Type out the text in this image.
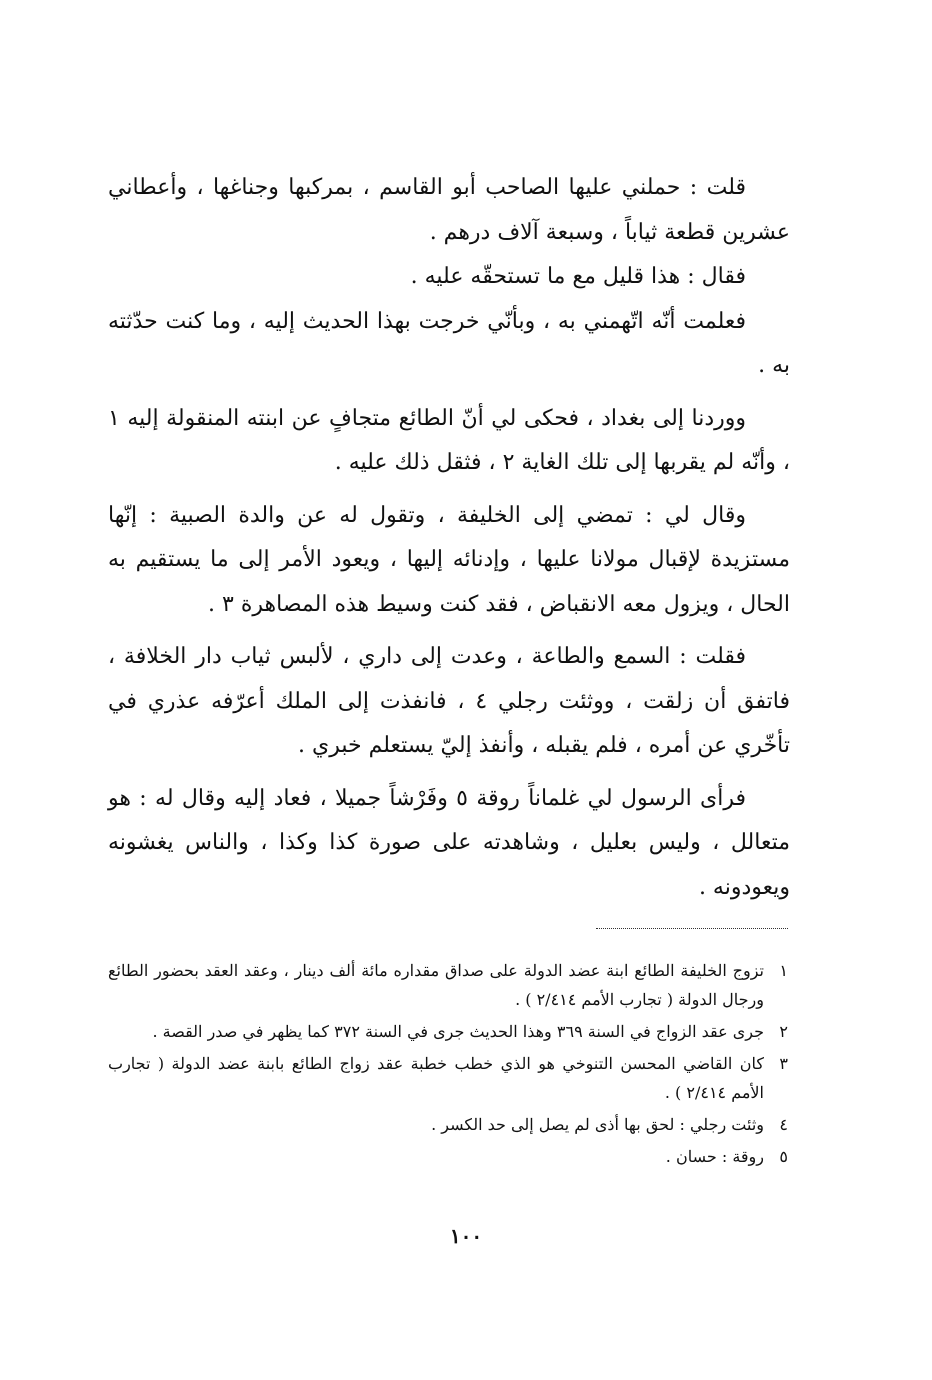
قلت : حملني عليها الصاحب أبو القاسم ، بمركبها وجناغها ، وأعطاني عشرين قطعة ثياباً ، وسبعة آلاف درهم .

فقال : هذا قليل مع ما تستحقّه عليه .

فعلمت أنّه اتّهمني به ، وبأنّي خرجت بهذا الحديث إليه ، وما كنت حدّثته به .

ووردنا إلى بغداد ، فحكى لي أنّ الطائع متجافٍ عن ابنته المنقولة إليه ١ ، وأنّه لم يقربها إلى تلك الغاية ٢ ، فثقل ذلك عليه .

وقال لي : تمضي إلى الخليفة ، وتقول له عن والدة الصبية : إنّها مستزيدة لإقبال مولانا عليها ، وإدنائه إليها ، ويعود الأمر إلى ما يستقيم به الحال ، ويزول معه الانقباض ، فقد كنت وسيط هذه المصاهرة ٣ .

فقلت : السمع والطاعة ، وعدت إلى داري ، لألبس ثياب دار الخلافة ، فاتفق أن زلقت ، ووثئت رجلي ٤ ، فانفذت إلى الملك أعرّفه عذري في تأخّري عن أمره ، فلم يقبله ، وأنفذ إليّ يستعلم خبري .

فرأى الرسول لي غلماناً روقة ٥ وفَرْشاً جميلا ، فعاد إليه وقال له : هو متعالل ، وليس بعليل ، وشاهدته على صورة كذا وكذا ، والناس يغشونه ويعودونه .

١
تزوج الخليفة الطائع ابنة عضد الدولة على صداق مقداره مائة ألف دينار ، وعقد العقد بحضور الطائع ورجال الدولة ( تجارب الأمم ٢/٤١٤ ) .
٢
جرى عقد الزواج في السنة ٣٦٩ وهذا الحديث جرى في السنة ٣٧٢ كما يظهر في صدر القصة .
٣
كان القاضي المحسن التنوخي هو الذي خطب خطبة عقد زواج الطائع بابنة عضد الدولة ( تجارب الأمم ٢/٤١٤ ) .
٤
وثئت رجلي : لحق بها أذى لم يصل إلى حد الكسر .
٥
روقة : حسان .
١٠٠
